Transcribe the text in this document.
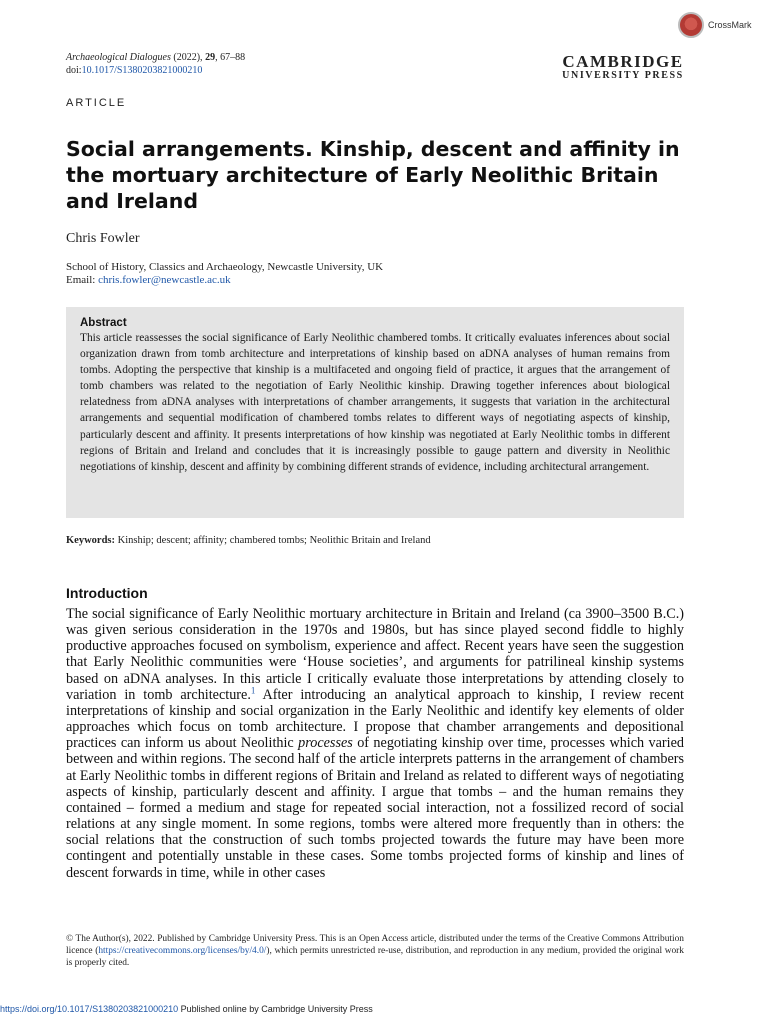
Archaeological Dialogues (2022), 29, 67–88
doi:10.1017/S1380203821000210
CrossMark
CAMBRIDGE
UNIVERSITY PRESS
ARTICLE
Social arrangements. Kinship, descent and affinity in the mortuary architecture of Early Neolithic Britain and Ireland
Chris Fowler
School of History, Classics and Archaeology, Newcastle University, UK
Email: chris.fowler@newcastle.ac.uk
Abstract
This article reassesses the social significance of Early Neolithic chambered tombs. It critically evaluates inferences about social organization drawn from tomb architecture and interpretations of kinship based on aDNA analyses of human remains from tombs. Adopting the perspective that kinship is a multifaceted and ongoing field of practice, it argues that the arrangement of tomb chambers was related to the negotiation of Early Neolithic kinship. Drawing together inferences about biological relatedness from aDNA analyses with interpretations of chamber arrangements, it suggests that variation in the architectural arrangements and sequential modification of chambered tombs relates to different ways of negotiating aspects of kinship, particularly descent and affinity. It presents interpretations of how kinship was negotiated at Early Neolithic tombs in different regions of Britain and Ireland and concludes that it is increasingly possible to gauge pattern and diversity in Neolithic negotiations of kinship, descent and affinity by combining different strands of evidence, including architectural arrangement.
Keywords: Kinship; descent; affinity; chambered tombs; Neolithic Britain and Ireland
Introduction
The social significance of Early Neolithic mortuary architecture in Britain and Ireland (ca 3900–3500 B.C.) was given serious consideration in the 1970s and 1980s, but has since played second fiddle to highly productive approaches focused on symbolism, experience and affect. Recent years have seen the suggestion that Early Neolithic communities were ‘House societies’, and arguments for patrilineal kinship systems based on aDNA analyses. In this article I critically evaluate those interpretations by attending closely to variation in tomb architecture.$^1$ After introducing an analytical approach to kinship, I review recent interpretations of kinship and social organization in the Early Neolithic and identify key elements of older approaches which focus on tomb architecture. I propose that chamber arrangements and depositional practices can inform us about Neolithic processes of negotiating kinship over time, processes which varied between and within regions. The second half of the article interprets patterns in the arrangement of chambers at Early Neolithic tombs in different regions of Britain and Ireland as related to different ways of negotiating aspects of kinship, particularly descent and affinity. I argue that tombs – and the human remains they contained – formed a medium and stage for repeated social interaction, not a fossilized record of social relations at any single moment. In some regions, tombs were altered more frequently than in others: the social relations that the construction of such tombs projected towards the future may have been more contingent and potentially unstable in these cases. Some tombs projected forms of kinship and lines of descent forwards in time, while in other cases
© The Author(s), 2022. Published by Cambridge University Press. This is an Open Access article, distributed under the terms of the Creative Commons Attribution licence (https://creativecommons.org/licenses/by/4.0/), which permits unrestricted re-use, distribution, and reproduction in any medium, provided the original work is properly cited.
https://doi.org/10.1017/S1380203821000210 Published online by Cambridge University Press
